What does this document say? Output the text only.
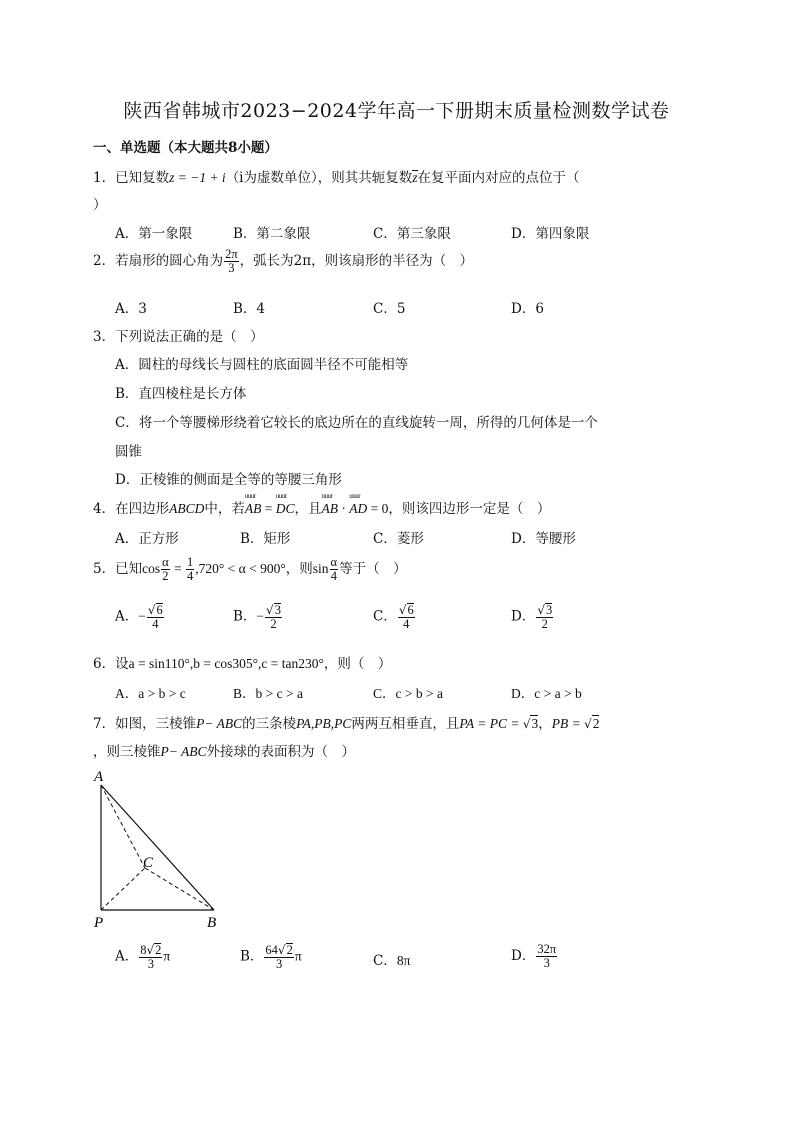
陕西省韩城市2023−2024学年高一下册期末质量检测数学试卷
一、单选题（本大题共8小题）
1．已知复数z = −1 + i（i为虚数单位），则其共轭复数z在复平面内对应的点位于（
）
A．第一象限	B．第二象限	C．第三象限	D．第四象限
2．若扇形的圆心角为 $\frac{2\pi}{3}$ ，弧长为2π，则该扇形的半径为（　）
A．3	B．4	C．5	D．6
3．下列说法正确的是（　）
A．圆柱的母线长与圆柱的底面圆半径不可能相等
B．直四棱柱是长方体
C．将一个等腰梯形绕着它较长的底边所在的直线旋转一周，所得的几何体是一个
圆锥
D．正棱锥的侧面是全等的等腰三角形
4．在四边形ABCD中，若uuur AB = uuur DC，且uuur AB · uuur AD = 0，则该四边形一定是（　）
A．正方形	B．矩形	C．菱形	D．等腰形
5．已知$\cos \frac{\alpha}{2} = \frac{1}{4} ,720^\circ < \alpha < 900^\circ$，则$\sin \frac{\alpha}{4}$ 等于（　）
A．− $\frac{√6}{4}$	B．− $\frac{√3}{2}$	C． $\frac{√6}{4}$	D． $\frac{√3}{2}$
6．设a = sin110°,b = cos305°,c = tan230°，则（　）
A．a > b > c	B．b > c > a	C．c > b > a	D．c > a > b
7．如图，三棱锥P− ABC的三条棱PA,PB,PC两两互相垂直，且PA = PC = √3，PB = √2
，则三棱锥P− ABC外接球的表面积为（　）
A
C
P	B
A． $\frac{8√2}{3}$ π	B． $\frac{64√2}{3}$ π	C．8π	D． $\frac{32\pi}{3}$
